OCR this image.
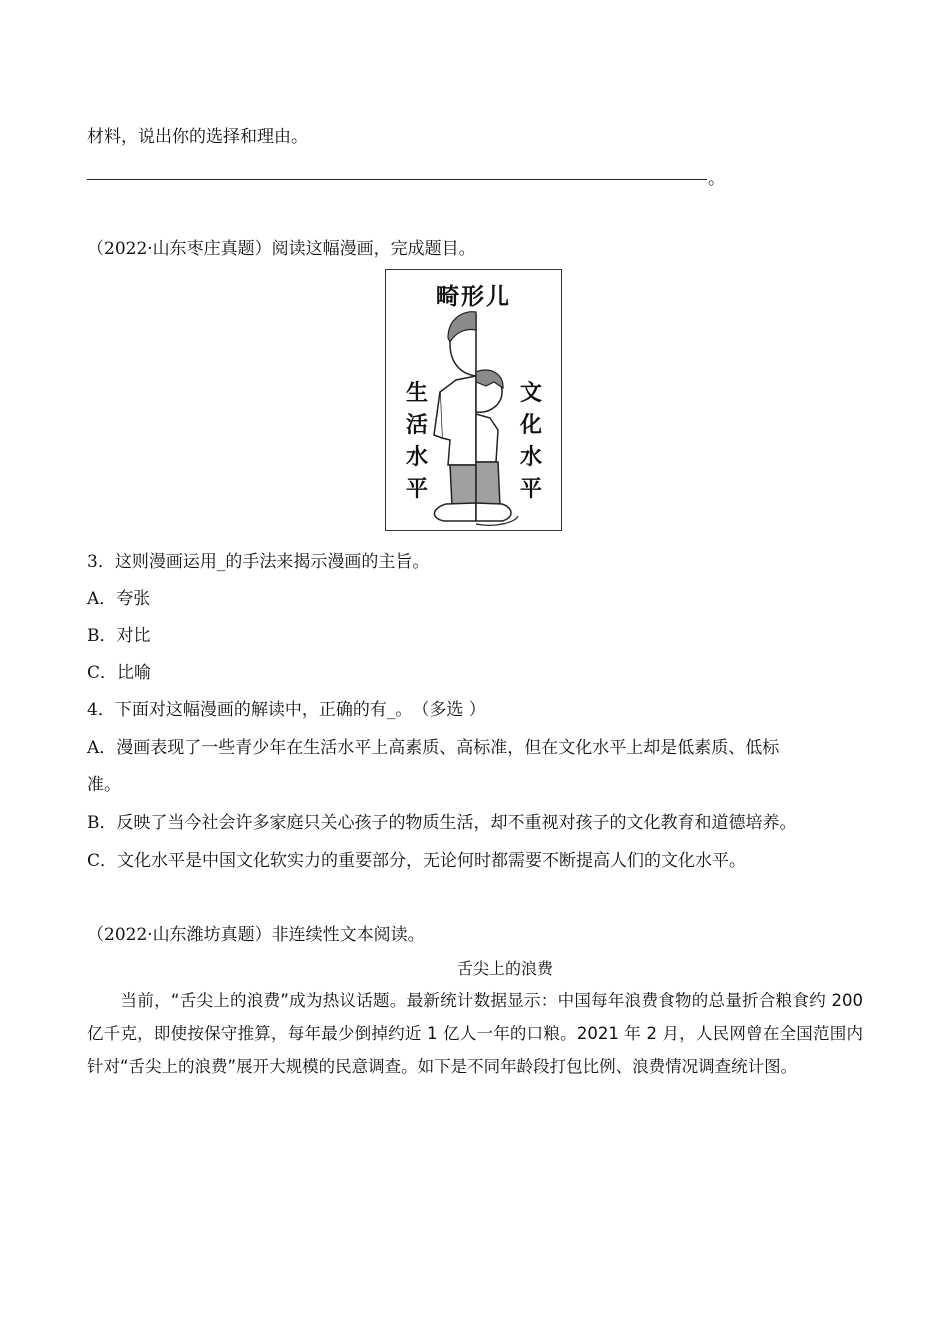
材料，说出你的选择和理由。
。
（2022·山东枣庄真题）阅读这幅漫画，完成题目。
畸形儿
生
活
水
平
文
化
水
平
3．这则漫画运用_的手法来揭示漫画的主旨。
A．夸张
B．对比
C．比喻
4．下面对这幅漫画的解读中，正确的有_。　（多选 ）
A．漫画表现了一些青少年在生活水平上高素质、高标准，但在文化水平上却是低素质、低标
准。
B．反映了当今社会许多家庭只关心孩子的物质生活，却不重视对孩子的文化教育和道德培养。
C．文化水平是中国文化软实力的重要部分，无论何时都需要不断提高人们的文化水平。
（2022·山东潍坊真题）非连续性文本阅读。
舌尖上的浪费
　　当前，“舌尖上的浪费”成为热议话题。最新统计数据显示：中国每年浪费食物的总量折合粮食约 200 亿千克，即使按保守推算，每年最少倒掉约近 1 亿人一年的口粮。2021 年 2 月，人民网曾在全国范围内针对“舌尖上的浪费”展开大规模的民意调查。如下是不同年龄段打包比例、浪费情况调查统计图。
